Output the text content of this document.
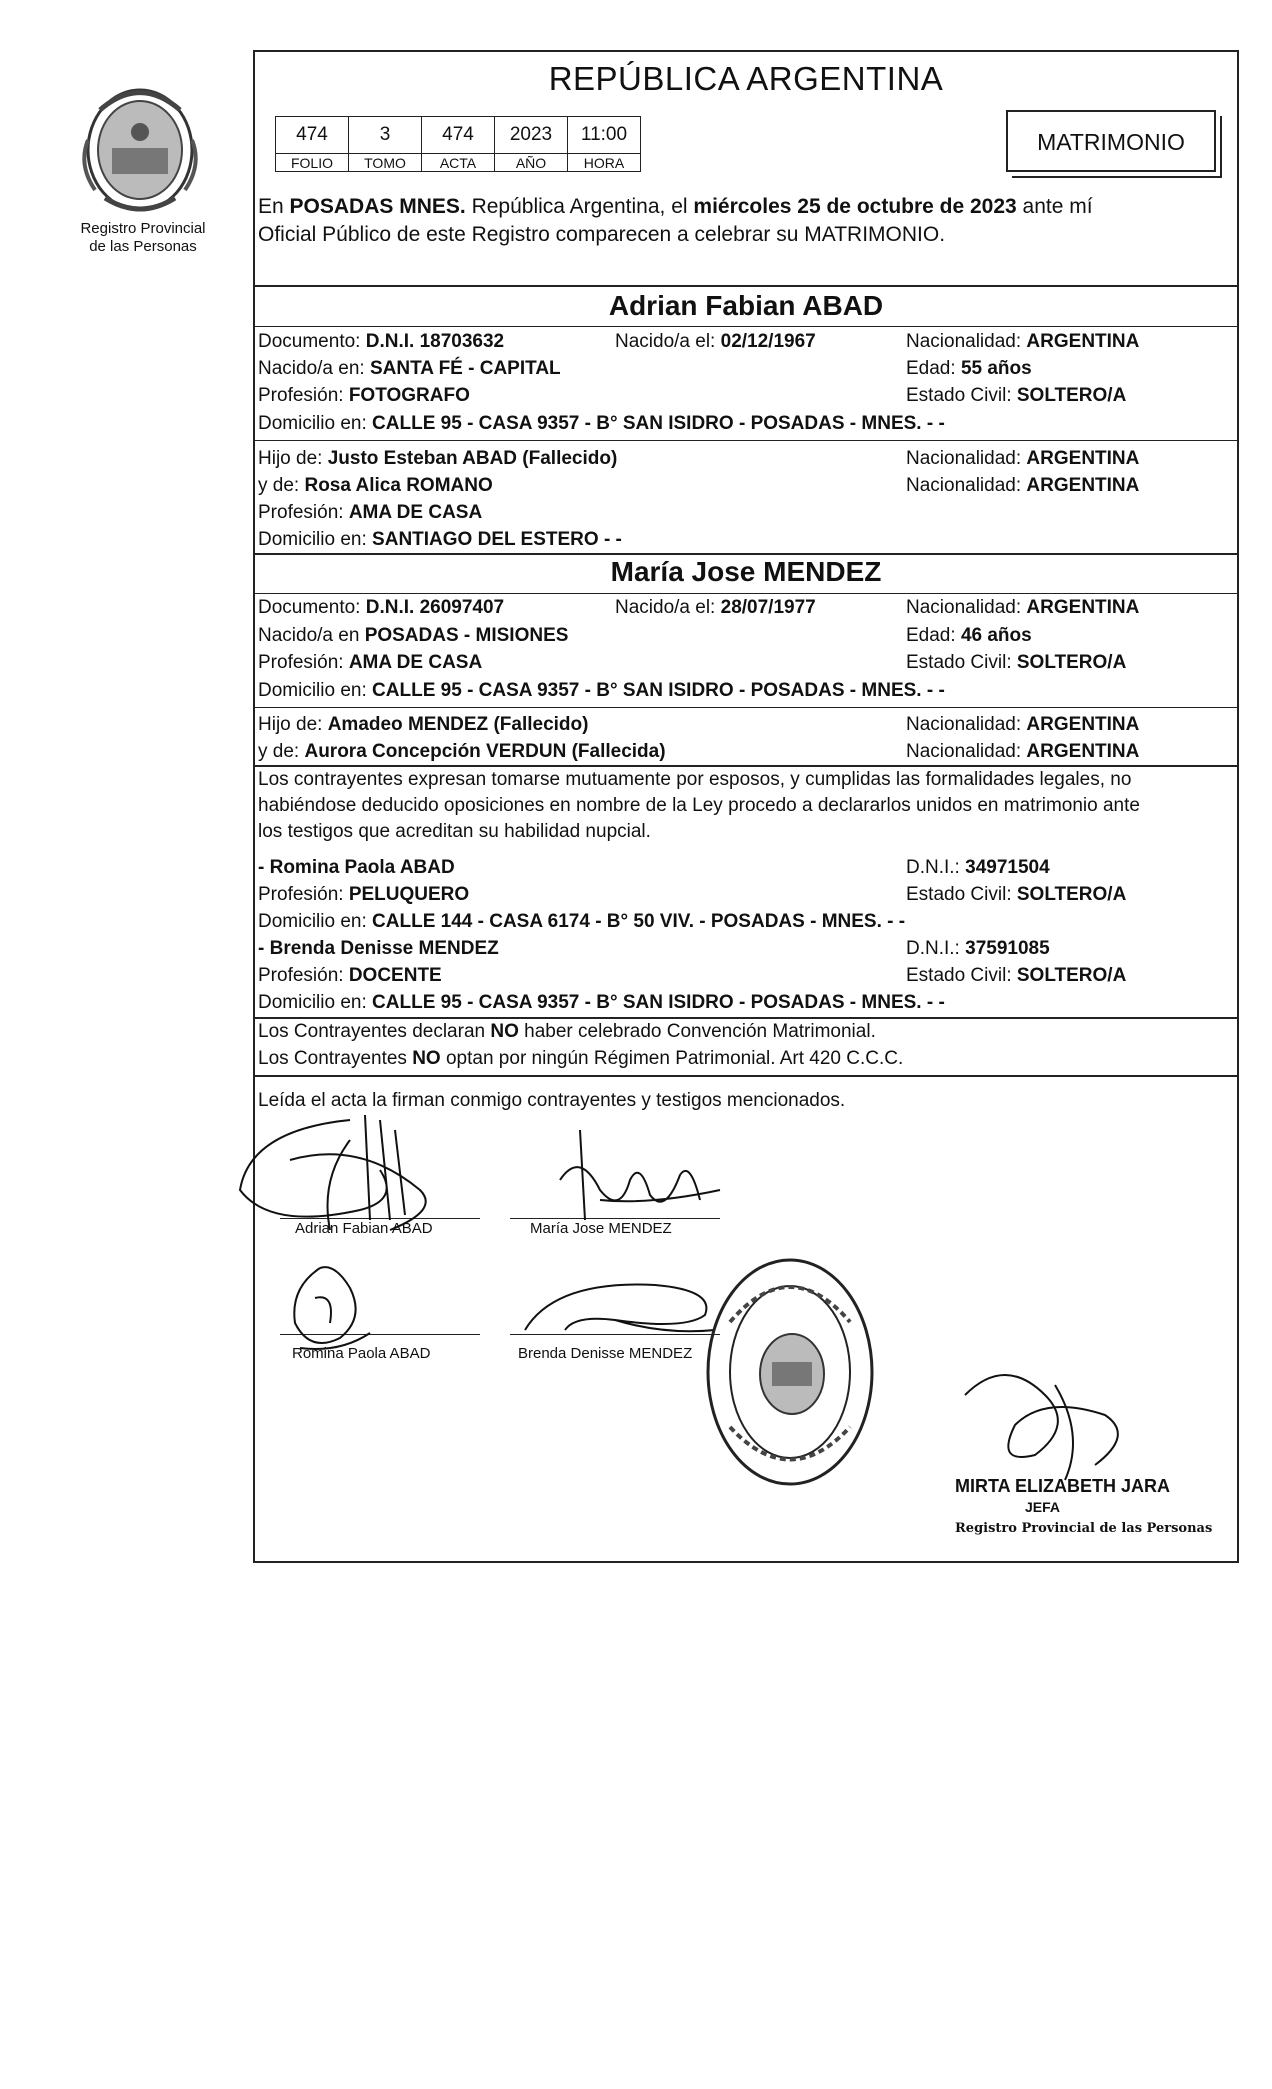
Registro Provincial
de las Personas
REPÚBLICA ARGENTINA
474	3	474	2023	11:00
FOLIO	TOMO	ACTA	AÑO	HORA
MATRIMONIO
En POSADAS MNES. República Argentina, el miércoles 25 de octubre de 2023 ante mí
Oficial Público de este Registro comparecen a celebrar su MATRIMONIO.
Adrian Fabian ABAD
Documento: D.N.I. 18703632	Nacido/a el: 02/12/1967	Nacionalidad: ARGENTINA
Nacido/a en: SANTA FÉ - CAPITAL	Edad: 55 años
Profesión: FOTOGRAFO	Estado Civil: SOLTERO/A
Domicilio en: CALLE 95 - CASA 9357 - B° SAN ISIDRO - POSADAS - MNES. - -
Hijo de: Justo Esteban ABAD (Fallecido)	Nacionalidad: ARGENTINA
y de: Rosa Alica ROMANO	Nacionalidad: ARGENTINA
Profesión: AMA DE CASA
Domicilio en: SANTIAGO DEL ESTERO - -
María Jose MENDEZ
Documento: D.N.I. 26097407	Nacido/a el: 28/07/1977	Nacionalidad: ARGENTINA
Nacido/a en POSADAS - MISIONES	Edad: 46 años
Profesión: AMA DE CASA	Estado Civil: SOLTERO/A
Domicilio en: CALLE 95 - CASA 9357 - B° SAN ISIDRO - POSADAS - MNES. - -
Hijo de: Amadeo MENDEZ (Fallecido)	Nacionalidad: ARGENTINA
y de: Aurora Concepción VERDUN (Fallecida)	Nacionalidad: ARGENTINA
Los contrayentes expresan tomarse mutuamente por esposos, y cumplidas las formalidades legales, no
habiéndose deducido oposiciones en nombre de la Ley procedo a declararlos unidos en matrimonio ante
los testigos que acreditan su habilidad nupcial.
- Romina Paola ABAD	D.N.I.: 34971504
Profesión: PELUQUERO	Estado Civil: SOLTERO/A
Domicilio en: CALLE 144 - CASA 6174 - B° 50 VIV. - POSADAS - MNES. - -
- Brenda Denisse MENDEZ	D.N.I.: 37591085
Profesión: DOCENTE	Estado Civil: SOLTERO/A
Domicilio en: CALLE 95 - CASA 9357 - B° SAN ISIDRO - POSADAS - MNES. - -
Los Contrayentes declaran NO haber celebrado Convención Matrimonial.
Los Contrayentes NO optan por ningún Régimen Patrimonial. Art 420 C.C.C.
Leída el acta la firman conmigo contrayentes y testigos mencionados.
Adrian Fabian ABAD	María Jose MENDEZ
Romina Paola ABAD	Brenda Denisse MENDEZ
MIRTA ELIZABETH JARA
JEFA
Registro Provincial de las Personas
